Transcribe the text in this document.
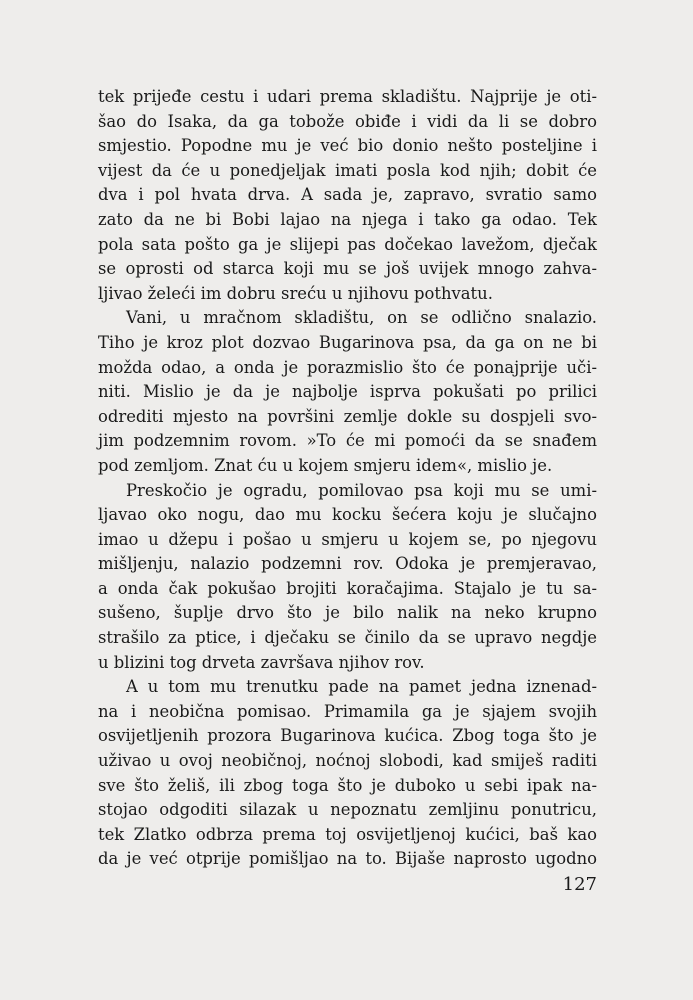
tek prijeđe cestu i udari prema skladištu. Najprije je oti-
šao do Isaka, da ga tobože obiđe i vidi da li se dobro
smjestio. Popodne mu je već bio donio nešto posteljine i
vijest da će u ponedjeljak imati posla kod njih; dobit će
dva i pol hvata drva. A sada je, zapravo, svratio samo
zato da ne bi Bobi lajao na njega i tako ga odao. Tek
pola sata pošto ga je slijepi pas dočekao lavežom, dječak
se oprosti od starca koji mu se još uvijek mnogo zahva-
ljivao želeći im dobru sreću u njihovu pothvatu.
Vani, u mračnom skladištu, on se odlično snalazio.
Tiho je kroz plot dozvao Bugarinova psa, da ga on ne bi
možda odao, a onda je porazmislio što će ponajprije uči-
niti. Mislio je da je najbolje isprva pokušati po prilici
odrediti mjesto na površini zemlje dokle su dospjeli svo-
jim podzemnim rovom. »To će mi pomoći da se snađem
pod zemljom. Znat ću u kojem smjeru idem«, mislio je.
Preskočio je ogradu, pomilovao psa koji mu se umi-
ljavao oko nogu, dao mu kocku šećera koju je slučajno
imao u džepu i pošao u smjeru u kojem se, po njegovu
mišljenju, nalazio podzemni rov. Odoka je premjeravao,
a onda čak pokušao brojiti koračajima. Stajalo je tu sa-
sušeno, šuplje drvo što je bilo nalik na neko krupno
strašilo za ptice, i dječaku se činilo da se upravo negdje
u blizini tog drveta završava njihov rov.
A u tom mu trenutku pade na pamet jedna iznenad-
na i neobična pomisao. Primamila ga je sjajem svojih
osvijetljenih prozora Bugarinova kućica. Zbog toga što je
uživao u ovoj neobičnoj, noćnoj slobodi, kad smiješ raditi
sve što želiš, ili zbog toga što je duboko u sebi ipak na-
stojao odgoditi silazak u nepoznatu zemljinu ponutricu,
tek Zlatko odbrza prema toj osvijetljenoj kućici, baš kao
da je već otprije pomišljao na to. Bijaše naprosto ugodno
127
